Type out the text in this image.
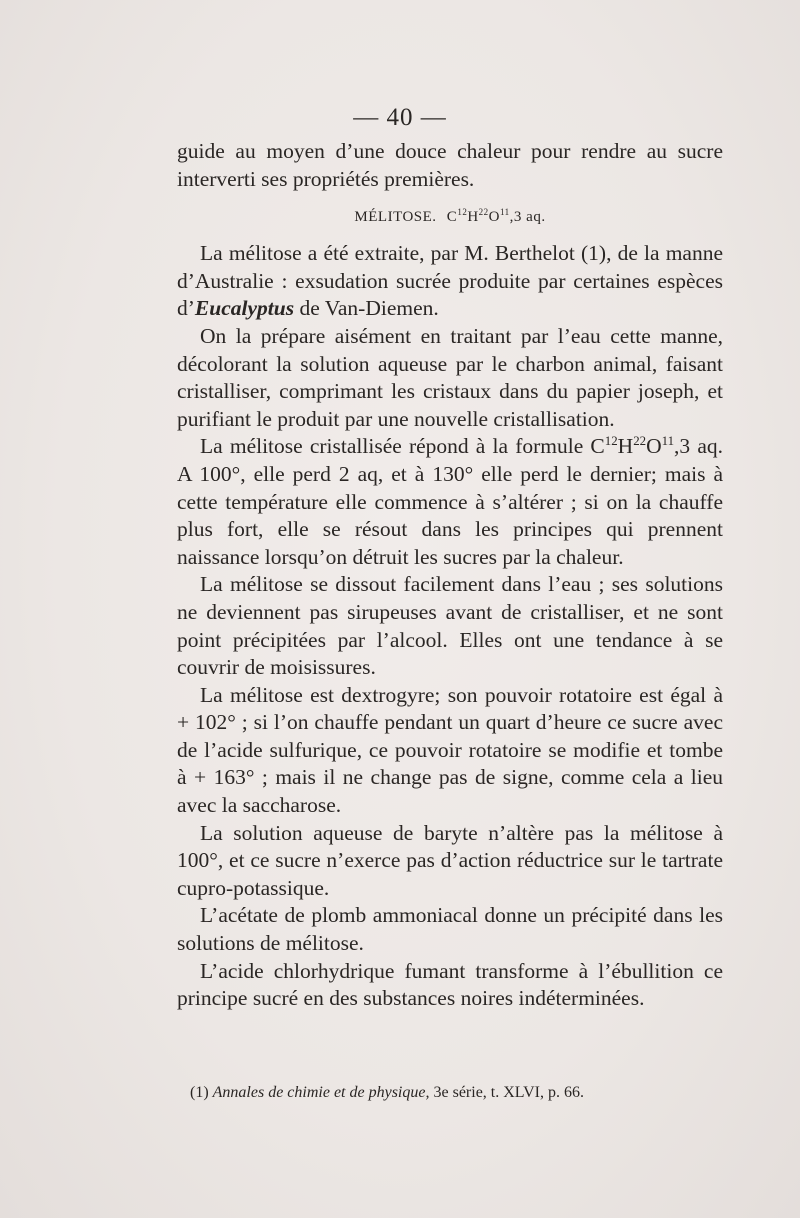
— 40 —

guide au moyen d’une douce chaleur pour rendre au sucre interverti ses propriétés premières.

MÉLITOSE. $C^{12}H^{22}O^{11},3$ aq.

La mélitose a été extraite, par M. Berthelot (1), de la manne d’Australie : exsudation sucrée produite par certaines espèces d’Eucalyptus de Van-Diemen.

On la prépare aisément en traitant par l’eau cette manne, décolorant la solution aqueuse par le charbon animal, faisant cristalliser, comprimant les cristaux dans du papier joseph, et purifiant le produit par une nouvelle cristallisation.

La mélitose cristallisée répond à la formule $C^{12}H^{22}O^{11},3$ aq. A 100°, elle perd 2 aq, et à 130° elle perd le dernier; mais à cette température elle commence à s’altérer ; si on la chauffe plus fort, elle se résout dans les principes qui prennent naissance lorsqu’on détruit les sucres par la chaleur.

La mélitose se dissout facilement dans l’eau ; ses solutions ne deviennent pas sirupeuses avant de cristalliser, et ne sont point précipitées par l’alcool. Elles ont une tendance à se couvrir de moisissures.

La mélitose est dextrogyre; son pouvoir rotatoire est égal à + 102° ; si l’on chauffe pendant un quart d’heure ce sucre avec de l’acide sulfurique, ce pouvoir rotatoire se modifie et tombe à + 163° ; mais il ne change pas de signe, comme cela a lieu avec la saccharose.

La solution aqueuse de baryte n’altère pas la mélitose à 100°, et ce sucre n’exerce pas d’action réductrice sur le tartrate cupro-potassique.

L’acétate de plomb ammoniacal donne un précipité dans les solutions de mélitose.

L’acide chlorhydrique fumant transforme à l’ébullition ce principe sucré en des substances noires indéterminées.

(1) Annales de chimie et de physique, 3e série, t. XLVI, p. 66.
